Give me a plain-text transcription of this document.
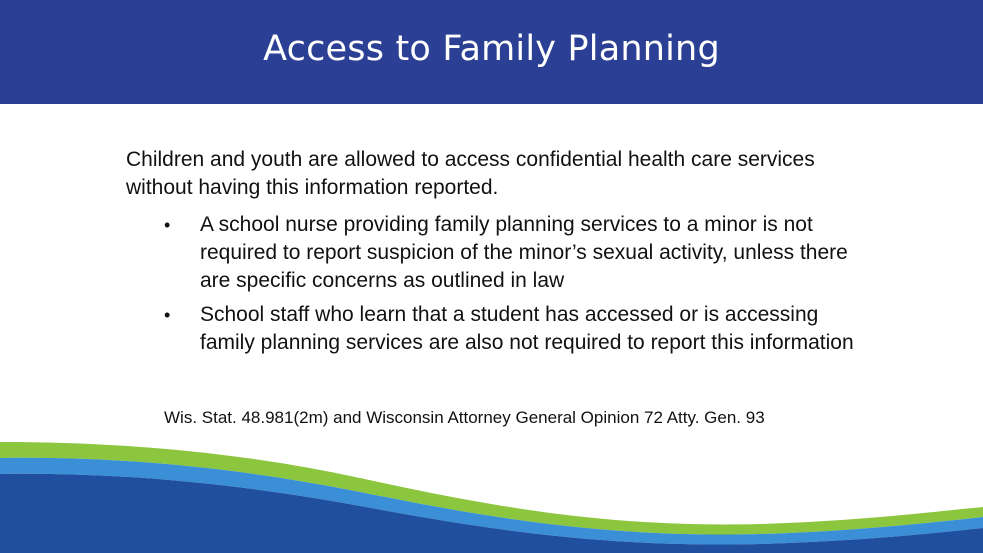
Access to Family Planning

Children and youth are allowed to access confidential health care services without having this information reported.

• A school nurse providing family planning services to a minor is not required to report suspicion of the minor’s sexual activity, unless there are specific concerns as outlined in law
• School staff who learn that a student has accessed or is accessing family planning services are also not required to report this information
Wis. Stat. 48.981(2m) and Wisconsin Attorney General Opinion 72 Atty. Gen. 93
